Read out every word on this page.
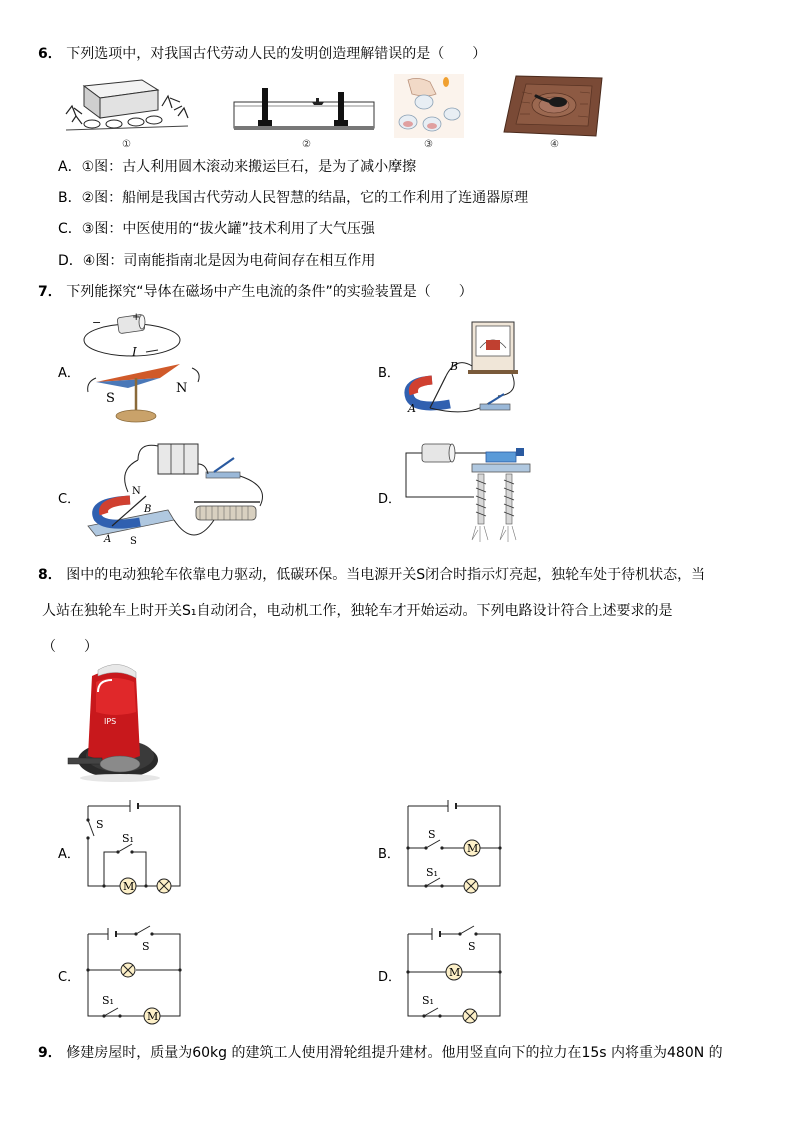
6． 下列选项中，对我国古代劳动人民的发明创造理解错误的是（　　）
①	②	③	④
A．①图：古人利用圆木滚动来搬运巨石，是为了减小摩擦
B．②图：船闸是我国古代劳动人民智慧的结晶，它的工作利用了连通器原理
C．③图：中医使用的“拔火罐”技术利用了大气压强
D．④图：司南能指南北是因为电荷间存在相互作用
7． 下列能探究“导体在磁场中产生电流的条件”的实验装置是（　　）
A．
−	+
I
S
N
B．	B
A
C．
N
B
A S
D．
8． 图中的电动独轮车依靠电力驱动，低碳环保。当电源开关S闭合时指示灯亮起，独轮车处于待机状态，当
人站在独轮车上时开关S₁自动闭合，电动机工作，独轮车才开始运动。下列电路设计符合上述要求的是
（　　）
IPS
A．
S
S₁
M
B．
S
S₁
M
C．
S
S₁
M
D．
S
S₁
M
9． 修建房屋时，质量为60kg 的建筑工人使用滑轮组提升建材。他用竖直向下的拉力在15s 内将重为480N 的
